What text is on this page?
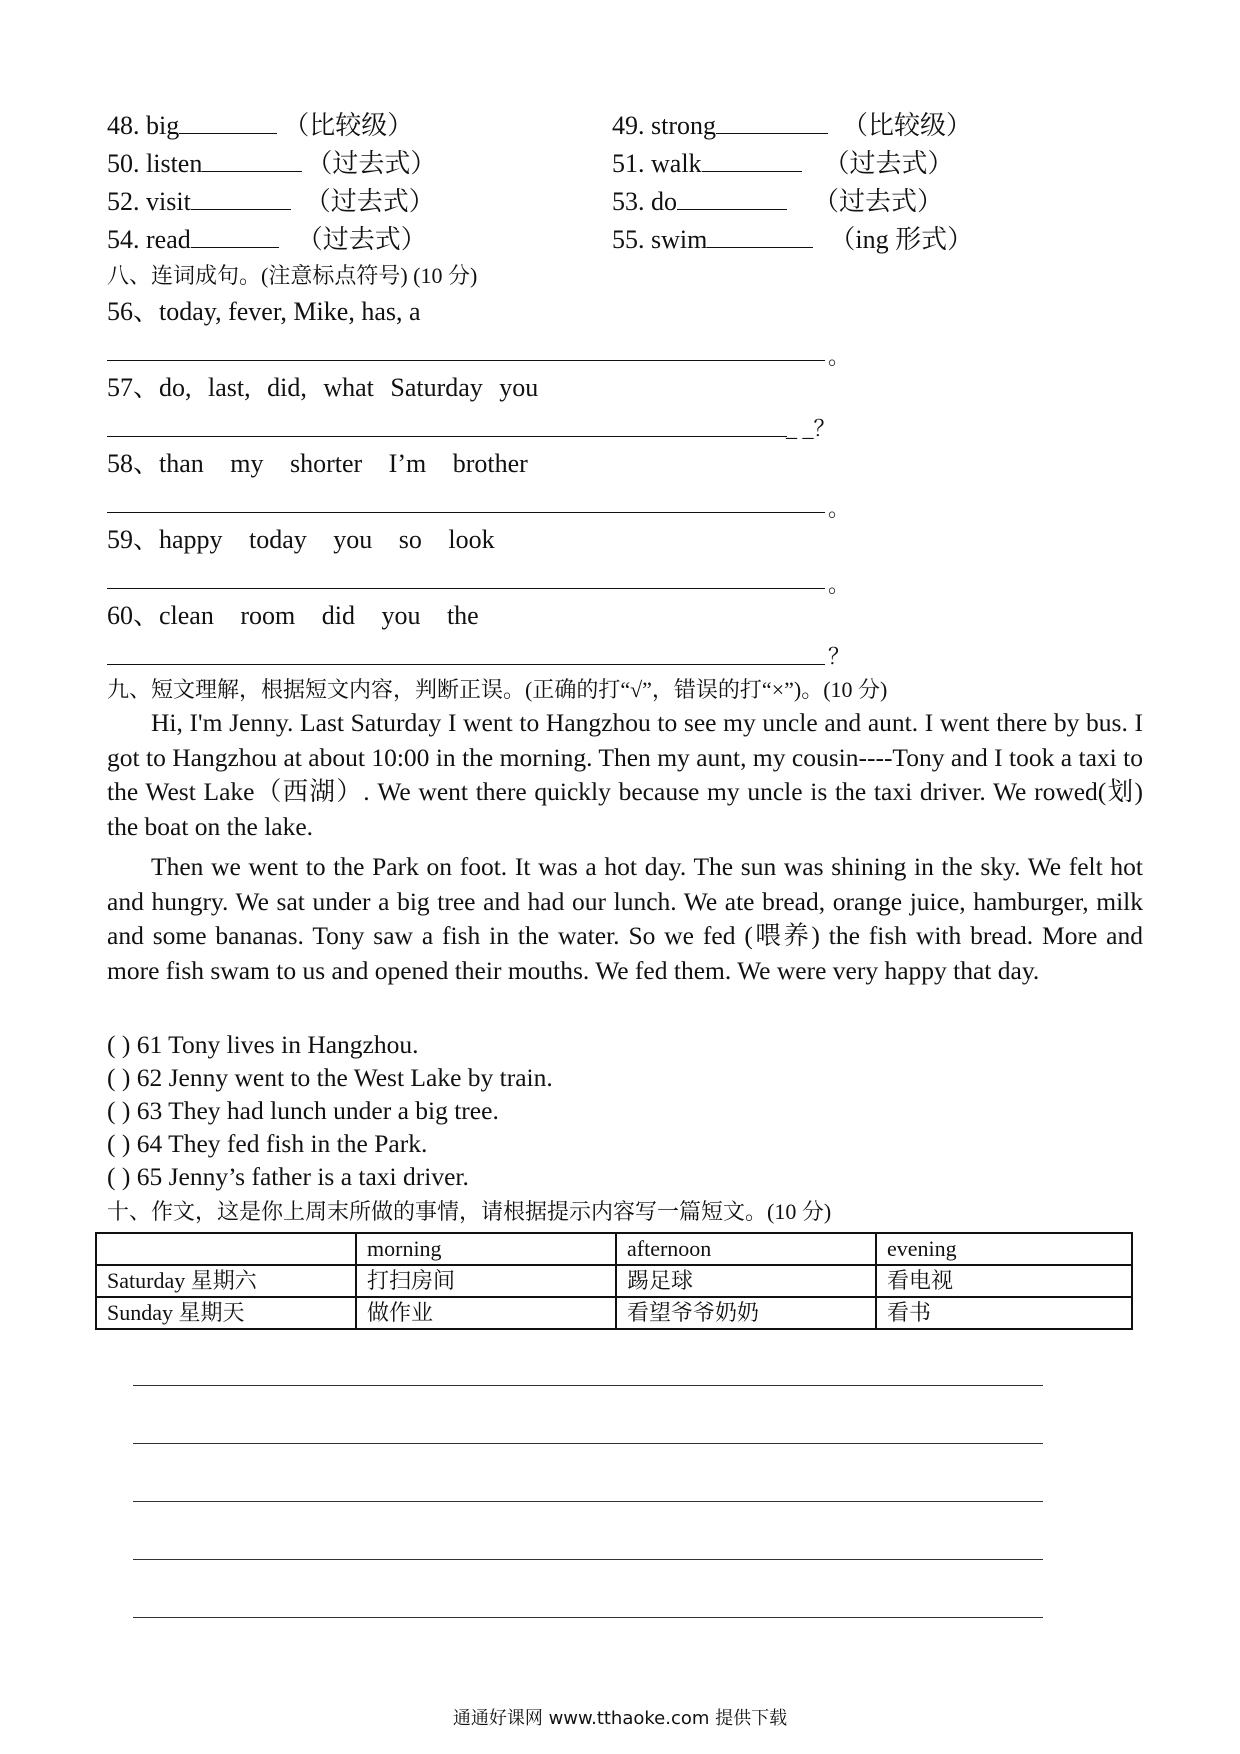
48. big	（比较级）	49. strong	（比较级）
50. listen	（过去式）	51. walk	（过去式）
52. visit	（过去式）	53. do	（过去式）
54. read	（过去式）	55. swim	（ing 形式）
八、连词成句。(注意标点符号) (10 分)
56、today, fever, Mike, has, a
。
57、do, last, did, what Saturday you
_ _？
58、than my shorter I’m brother
。
59、happy today you so look
。
60、clean room did you the
？
九、短文理解，根据短文内容，判断正误。(正确的打“√”，错误的打“×”)。(10 分)
Hi, I'm Jenny. Last Saturday I went to Hangzhou to see my uncle and aunt. I went there by bus. I got to Hangzhou at about 10:00 in the morning. Then my aunt, my cousin----Tony and I took a taxi to the West Lake（西湖）. We went there quickly because my uncle is the taxi driver. We rowed(划) the boat on the lake.
Then we went to the Park on foot. It was a hot day. The sun was shining in the sky. We felt hot and hungry. We sat under a big tree and had our lunch. We ate bread, orange juice, hamburger, milk and some bananas. Tony saw a fish in the water. So we fed (喂养) the fish with bread. More and more fish swam to us and opened their mouths. We fed them. We were very happy that day.
( ) 61 Tony lives in Hangzhou.
( ) 62 Jenny went to the West Lake by train.
( ) 63 They had lunch under a big tree.
( ) 64 They fed fish in the Park.
( ) 65 Jenny’s father is a taxi driver.
十、作文，这是你上周末所做的事情，请根据提示内容写一篇短文。(10 分)
	morning	afternoon	evening
Saturday 星期六	打扫房间	踢足球	看电视
Sunday 星期天	做作业	看望爷爷奶奶	看书
通通好课网 www.tthaoke.com 提供下载
